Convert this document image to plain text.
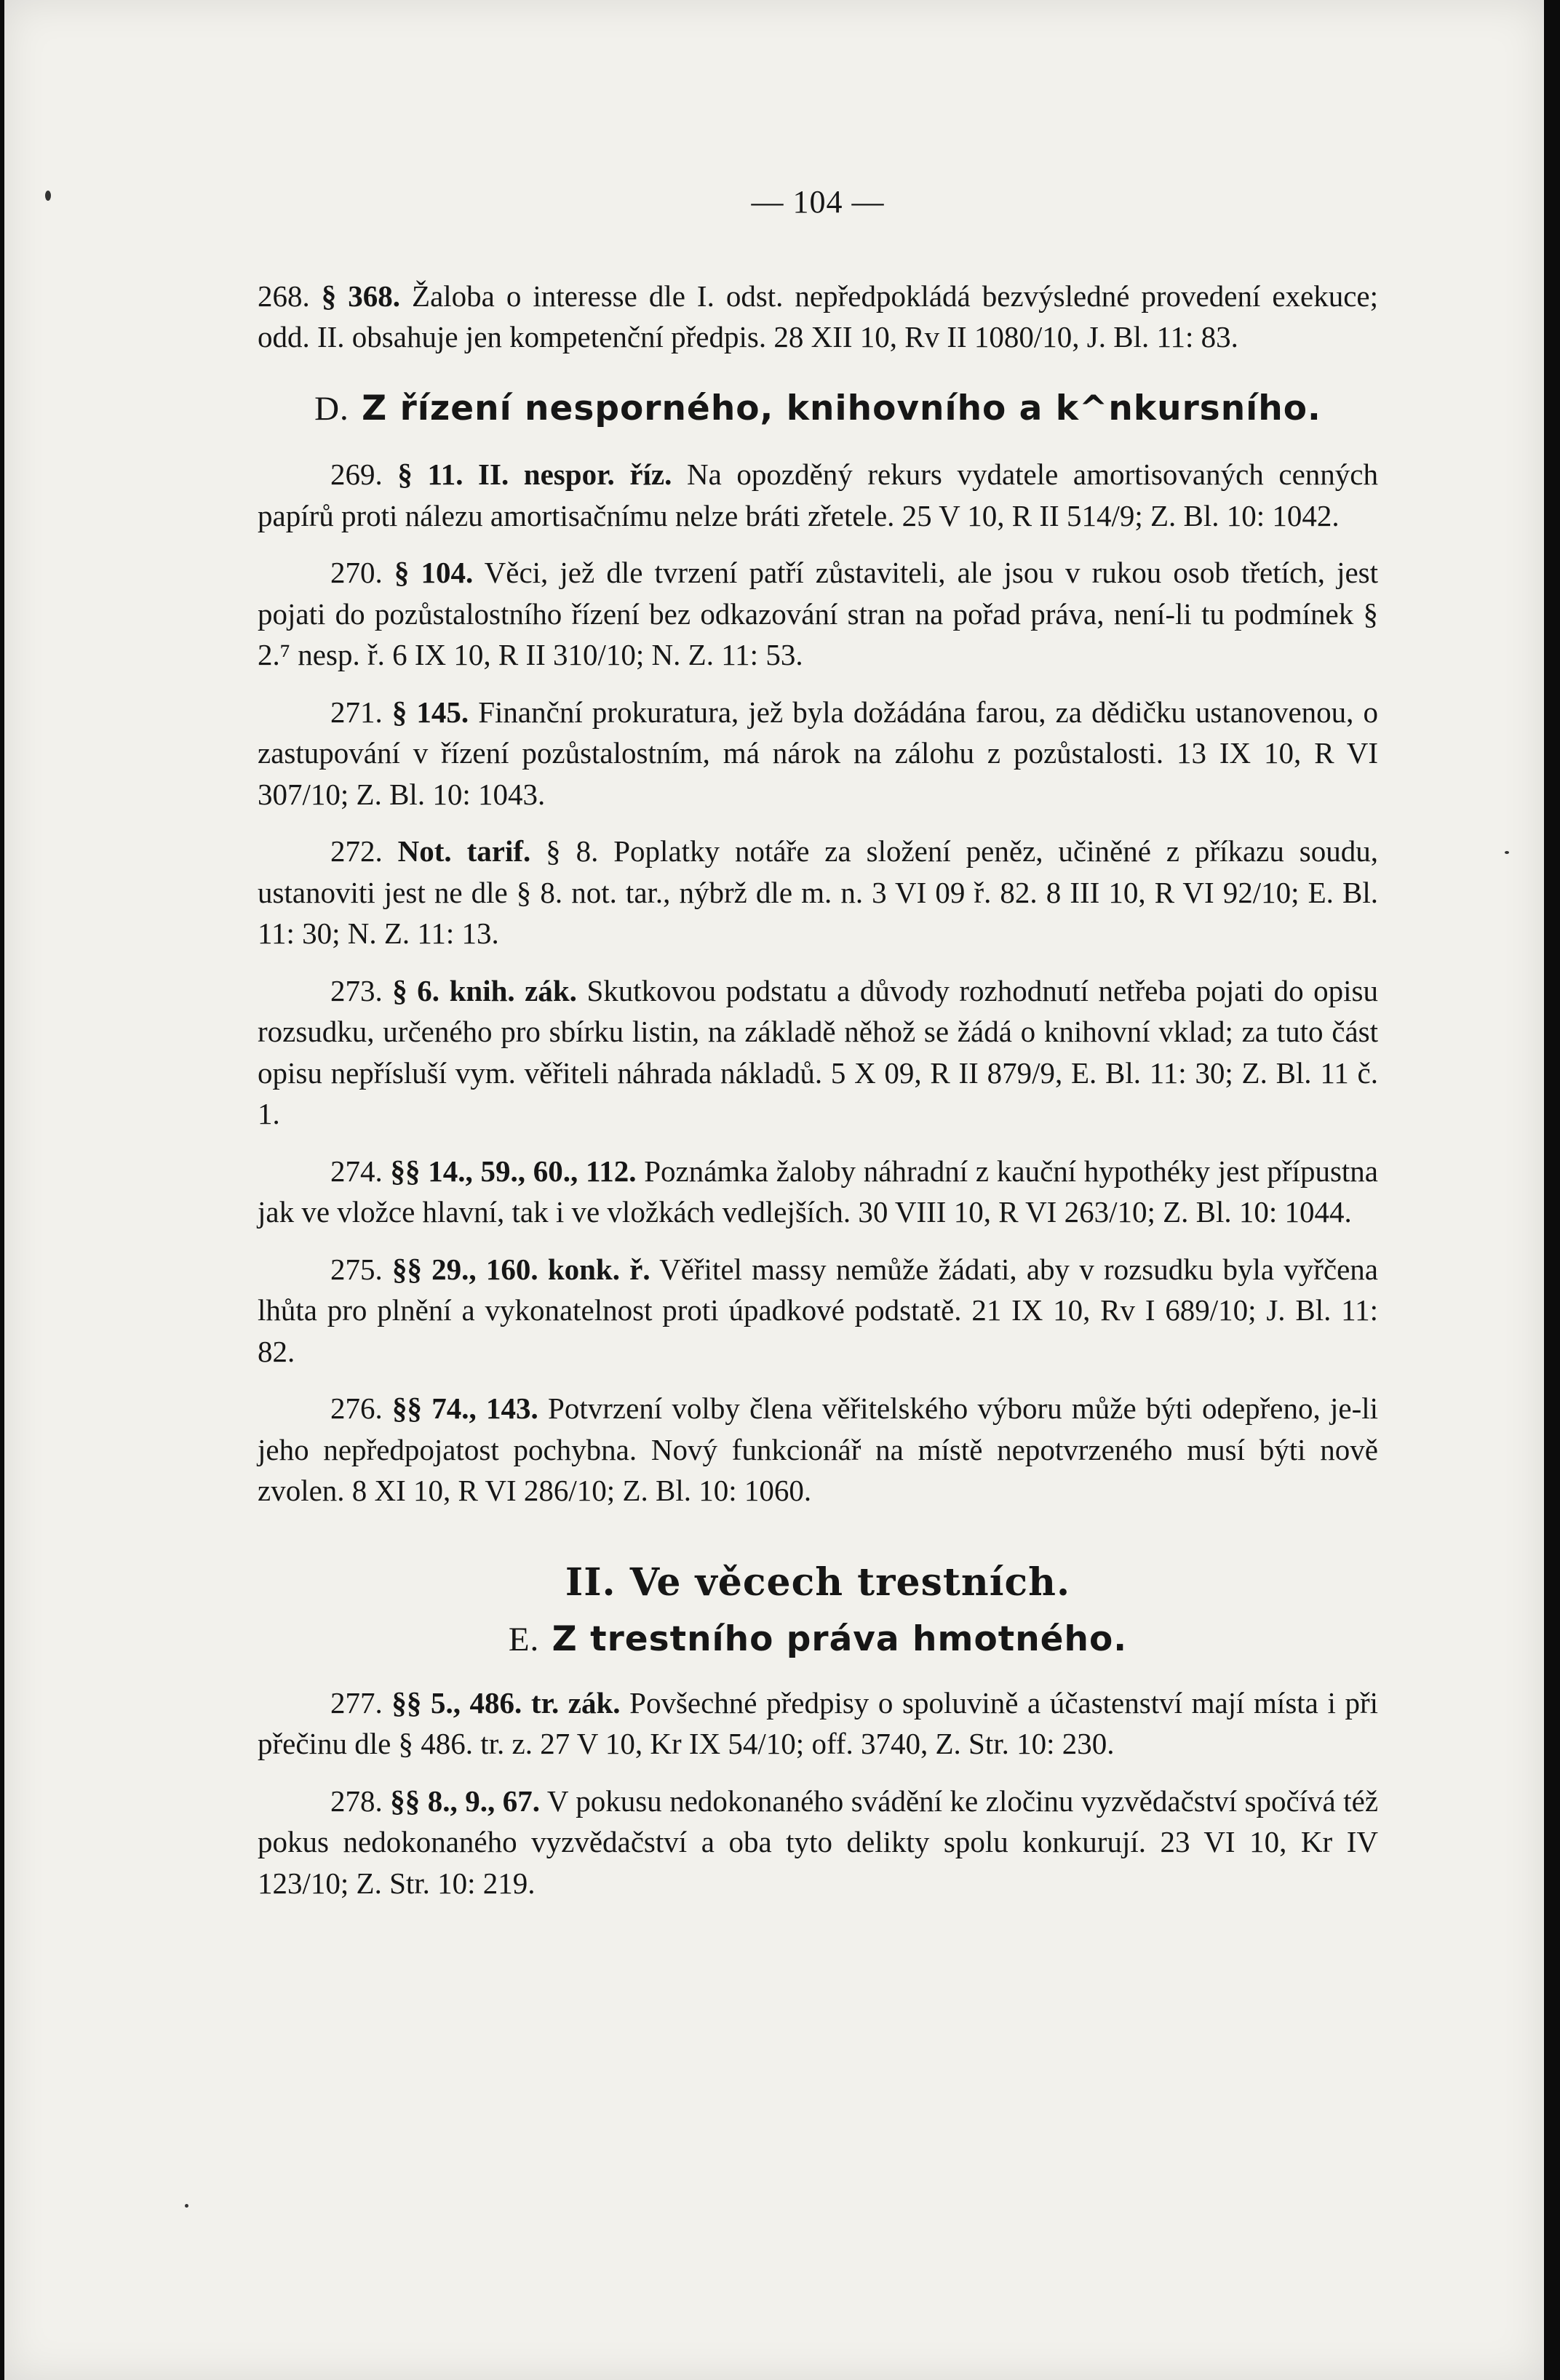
— 104 —

268. § 368. Žaloba o interesse dle I. odst. nepředpokládá bezvýsledné provedení exekuce; odd. II. obsahuje jen kompetenční předpis. 28 XII 10, Rv II 1080/10, J. Bl. 11: 83.

D. Z řízení nesporného, knihovního a k^nkursního.

269. § 11. II. nespor. říz. Na opozděný rekurs vydatele amortisovaných cenných papírů proti nálezu amortisačnímu nelze bráti zřetele. 25 V 10, R II 514/9; Z. Bl. 10: 1042.

270. § 104. Věci, jež dle tvrzení patří zůstaviteli, ale jsou v rukou osob třetích, jest pojati do pozůstalostního řízení bez odkazování stran na pořad práva, není-li tu podmínek § 2.⁷ nesp. ř. 6 IX 10, R II 310/10; N. Z. 11: 53.

271. § 145. Finanční prokuratura, jež byla dožádána farou, za dědičku ustanovenou, o zastupování v řízení pozůstalostním, má nárok na zálohu z pozůstalosti. 13 IX 10, R VI 307/10; Z. Bl. 10: 1043.

272. Not. tarif. § 8. Poplatky notáře za složení peněz, učiněné z příkazu soudu, ustanoviti jest ne dle § 8. not. tar., nýbrž dle m. n. 3 VI 09 ř. 82. 8 III 10, R VI 92/10; E. Bl. 11: 30; N. Z. 11: 13.

273. § 6. knih. zák. Skutkovou podstatu a důvody rozhodnutí netřeba pojati do opisu rozsudku, určeného pro sbírku listin, na základě něhož se žádá o knihovní vklad; za tuto část opisu nepřísluší vym. věřiteli náhrada nákladů. 5 X 09, R II 879/9, E. Bl. 11: 30; Z. Bl. 11 č. 1.

274. §§ 14., 59., 60., 112. Poznámka žaloby náhradní z kauční hypothéky jest přípustna jak ve vložce hlavní, tak i ve vložkách vedlejších. 30 VIII 10, R VI 263/10; Z. Bl. 10: 1044.

275. §§ 29., 160. konk. ř. Věřitel massy nemůže žádati, aby v rozsudku byla vyřčena lhůta pro plnění a vykonatelnost proti úpadkové podstatě. 21 IX 10, Rv I 689/10; J. Bl. 11: 82.

276. §§ 74., 143. Potvrzení volby člena věřitelského výboru může býti odepřeno, je-li jeho nepředpojatost pochybna. Nový funkcionář na místě nepotvrzeného musí býti nově zvolen. 8 XI 10, R VI 286/10; Z. Bl. 10: 1060.

II. Ve věcech trestních.
E. Z trestního práva hmotného.

277. §§ 5., 486. tr. zák. Povšechné předpisy o spoluvině a účastenství mají místa i při přečinu dle § 486. tr. z. 27 V 10, Kr IX 54/10; off. 3740, Z. Str. 10: 230.

278. §§ 8., 9., 67. V pokusu nedokonaného svádění ke zločinu vyzvědačství spočívá též pokus nedokonaného vyzvědačství a oba tyto delikty spolu konkurují. 23 VI 10, Kr IV 123/10; Z. Str. 10: 219.
